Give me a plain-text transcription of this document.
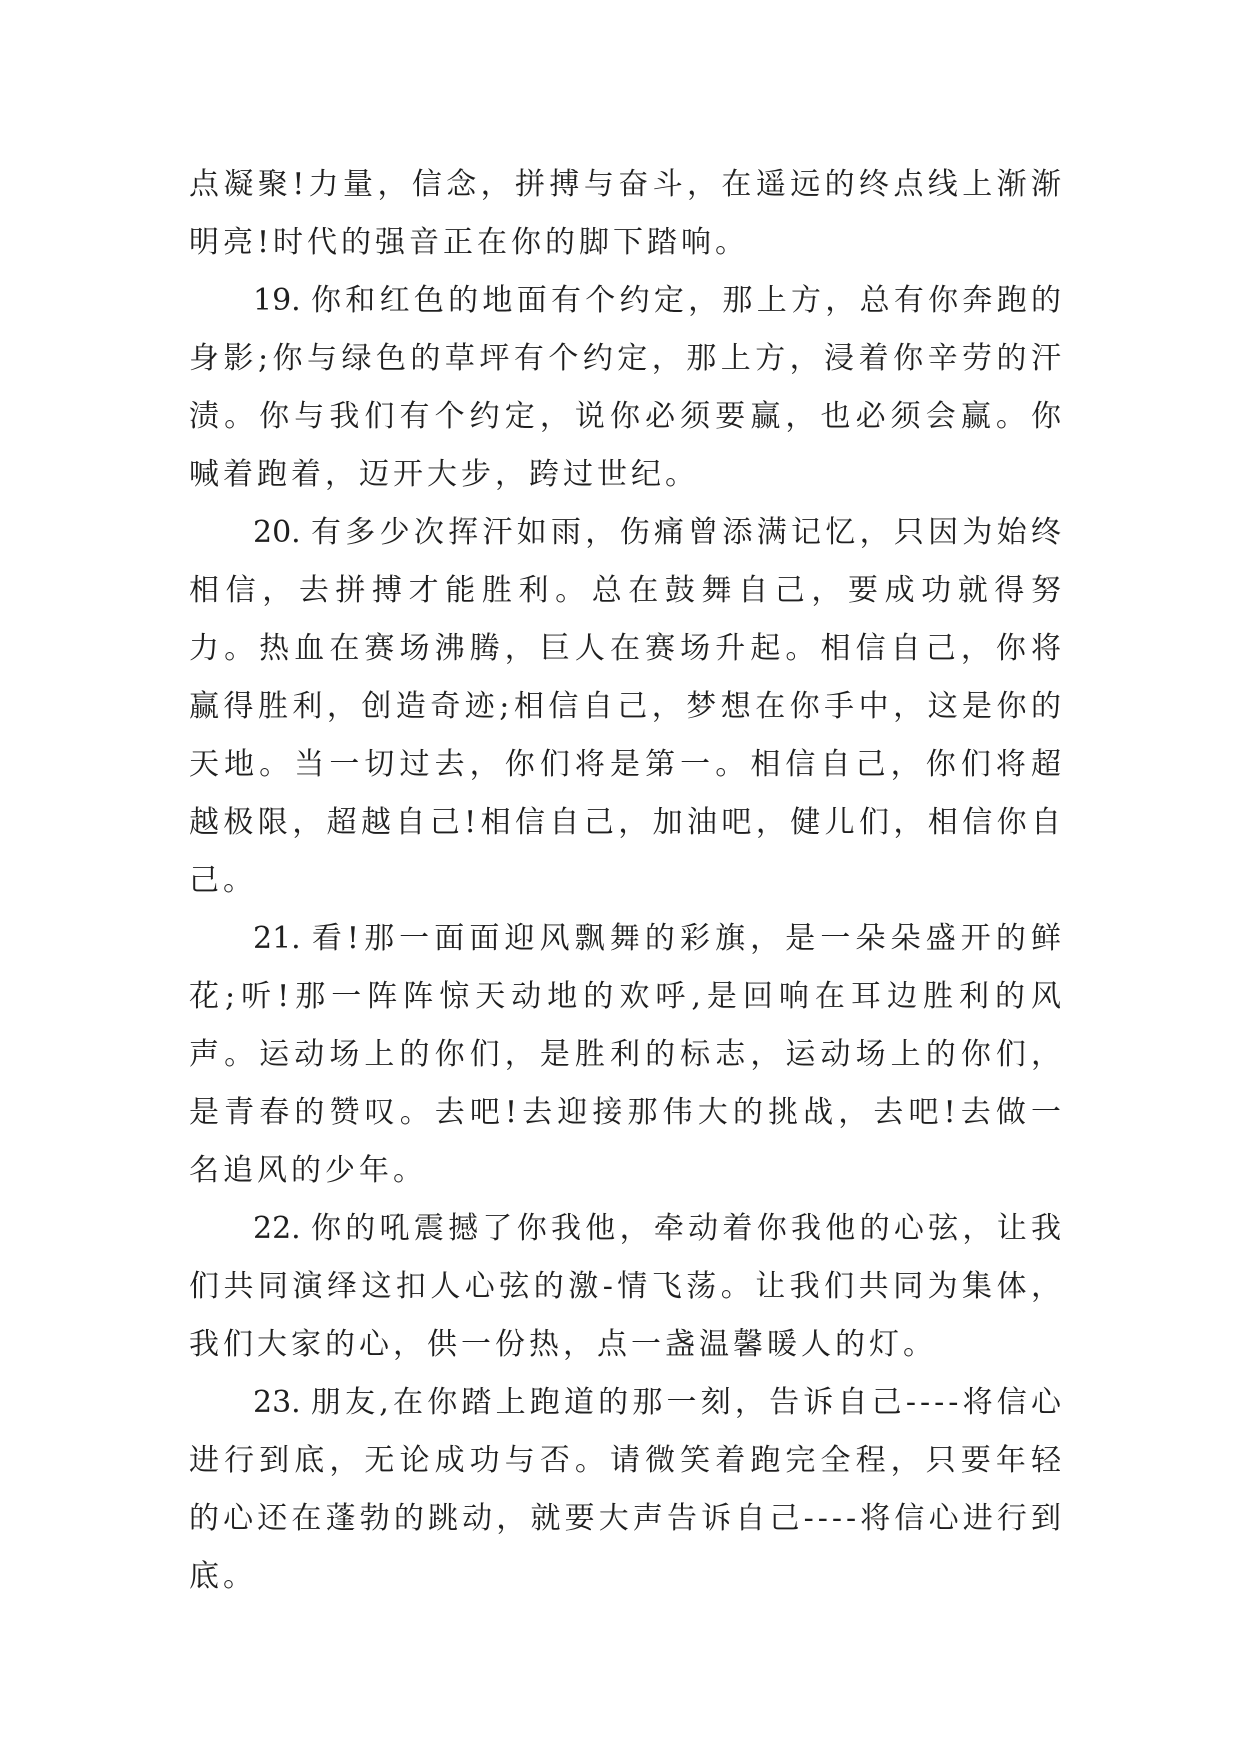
点凝聚!力量，信念，拼搏与奋斗，在遥远的终点线上渐渐明亮!时代的强音正在你的脚下踏响。

19. 你和红色的地面有个约定，那上方，总有你奔跑的身影;你与绿色的草坪有个约定，那上方，浸着你辛劳的汗渍。你与我们有个约定，说你必须要赢，也必须会赢。你喊着跑着，迈开大步，跨过世纪。

20. 有多少次挥汗如雨，伤痛曾添满记忆，只因为始终相信，去拼搏才能胜利。总在鼓舞自己，要成功就得努力。热血在赛场沸腾，巨人在赛场升起。相信自己，你将赢得胜利，创造奇迹;相信自己，梦想在你手中，这是你的天地。当一切过去，你们将是第一。相信自己，你们将超越极限，超越自己!相信自己，加油吧，健儿们，相信你自己。

21. 看!那一面面迎风飘舞的彩旗，是一朵朵盛开的鲜花;听!那一阵阵惊天动地的欢呼,是回响在耳边胜利的风声。运动场上的你们，是胜利的标志，运动场上的你们，是青春的赞叹。去吧!去迎接那伟大的挑战，去吧!去做一名追风的少年。

22. 你的吼震撼了你我他，牵动着你我他的心弦，让我们共同演绎这扣人心弦的激-情飞荡。让我们共同为集体，我们大家的心，供一份热，点一盏温馨暖人的灯。

23. 朋友,在你踏上跑道的那一刻，告诉自己----将信心进行到底，无论成功与否。请微笑着跑完全程，只要年轻的心还在蓬勃的跳动，就要大声告诉自己----将信心进行到底。
